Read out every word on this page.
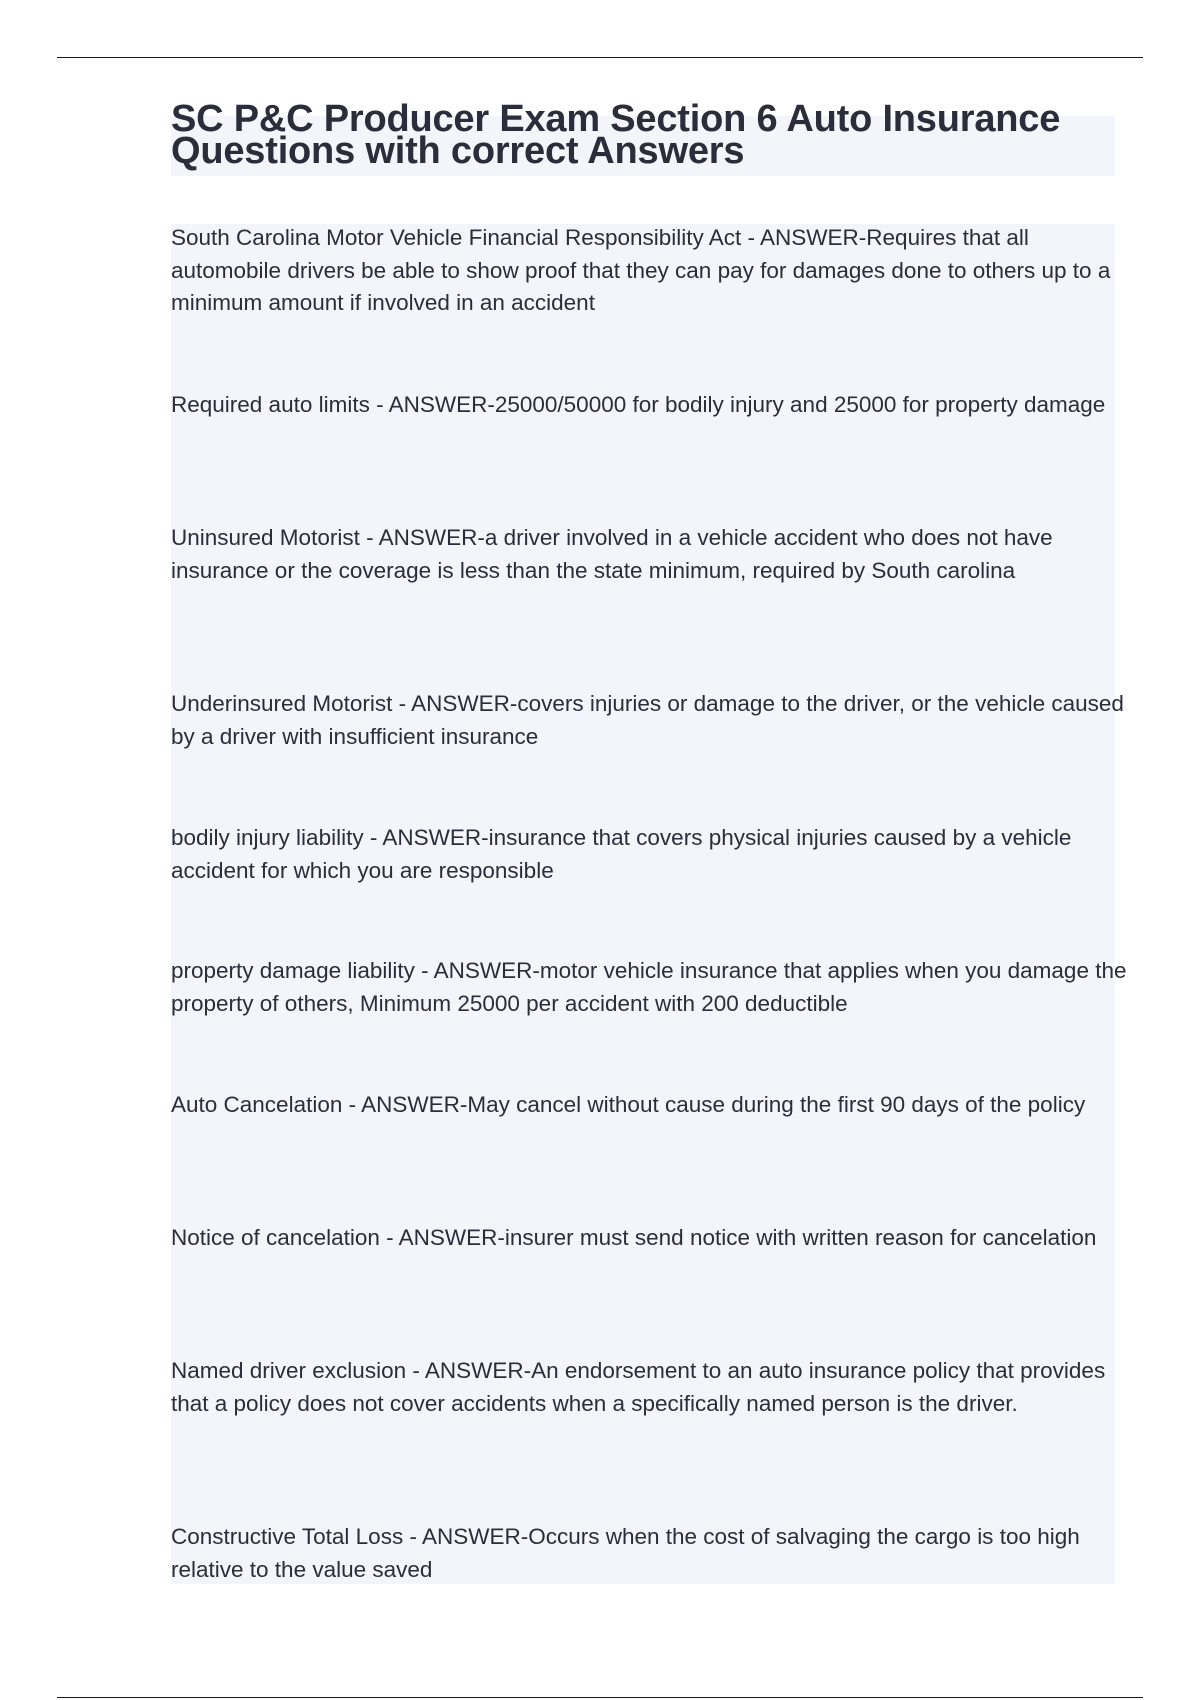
SC P&C Producer Exam Section 6 Auto Insurance Questions with correct Answers

South Carolina Motor Vehicle Financial Responsibility Act - ANSWER-Requires that all automobile drivers be able to show proof that they can pay for damages done to others up to a minimum amount if involved in an accident

Required auto limits - ANSWER-25000/50000 for bodily injury and 25000 for property damage

Uninsured Motorist - ANSWER-a driver involved in a vehicle accident who does not have insurance or the coverage is less than the state minimum, required by South carolina

Underinsured Motorist - ANSWER-covers injuries or damage to the driver, or the vehicle caused by a driver with insufficient insurance

bodily injury liability - ANSWER-insurance that covers physical injuries caused by a vehicle accident for which you are responsible

property damage liability - ANSWER-motor vehicle insurance that applies when you damage the property of others, Minimum 25000 per accident with 200 deductible

Auto Cancelation - ANSWER-May cancel without cause during the first 90 days of the policy

Notice of cancelation - ANSWER-insurer must send notice with written reason for cancelation

Named driver exclusion - ANSWER-An endorsement to an auto insurance policy that provides that a policy does not cover accidents when a specifically named person is the driver.

Constructive Total Loss - ANSWER-Occurs when the cost of salvaging the cargo is too high relative to the value saved
